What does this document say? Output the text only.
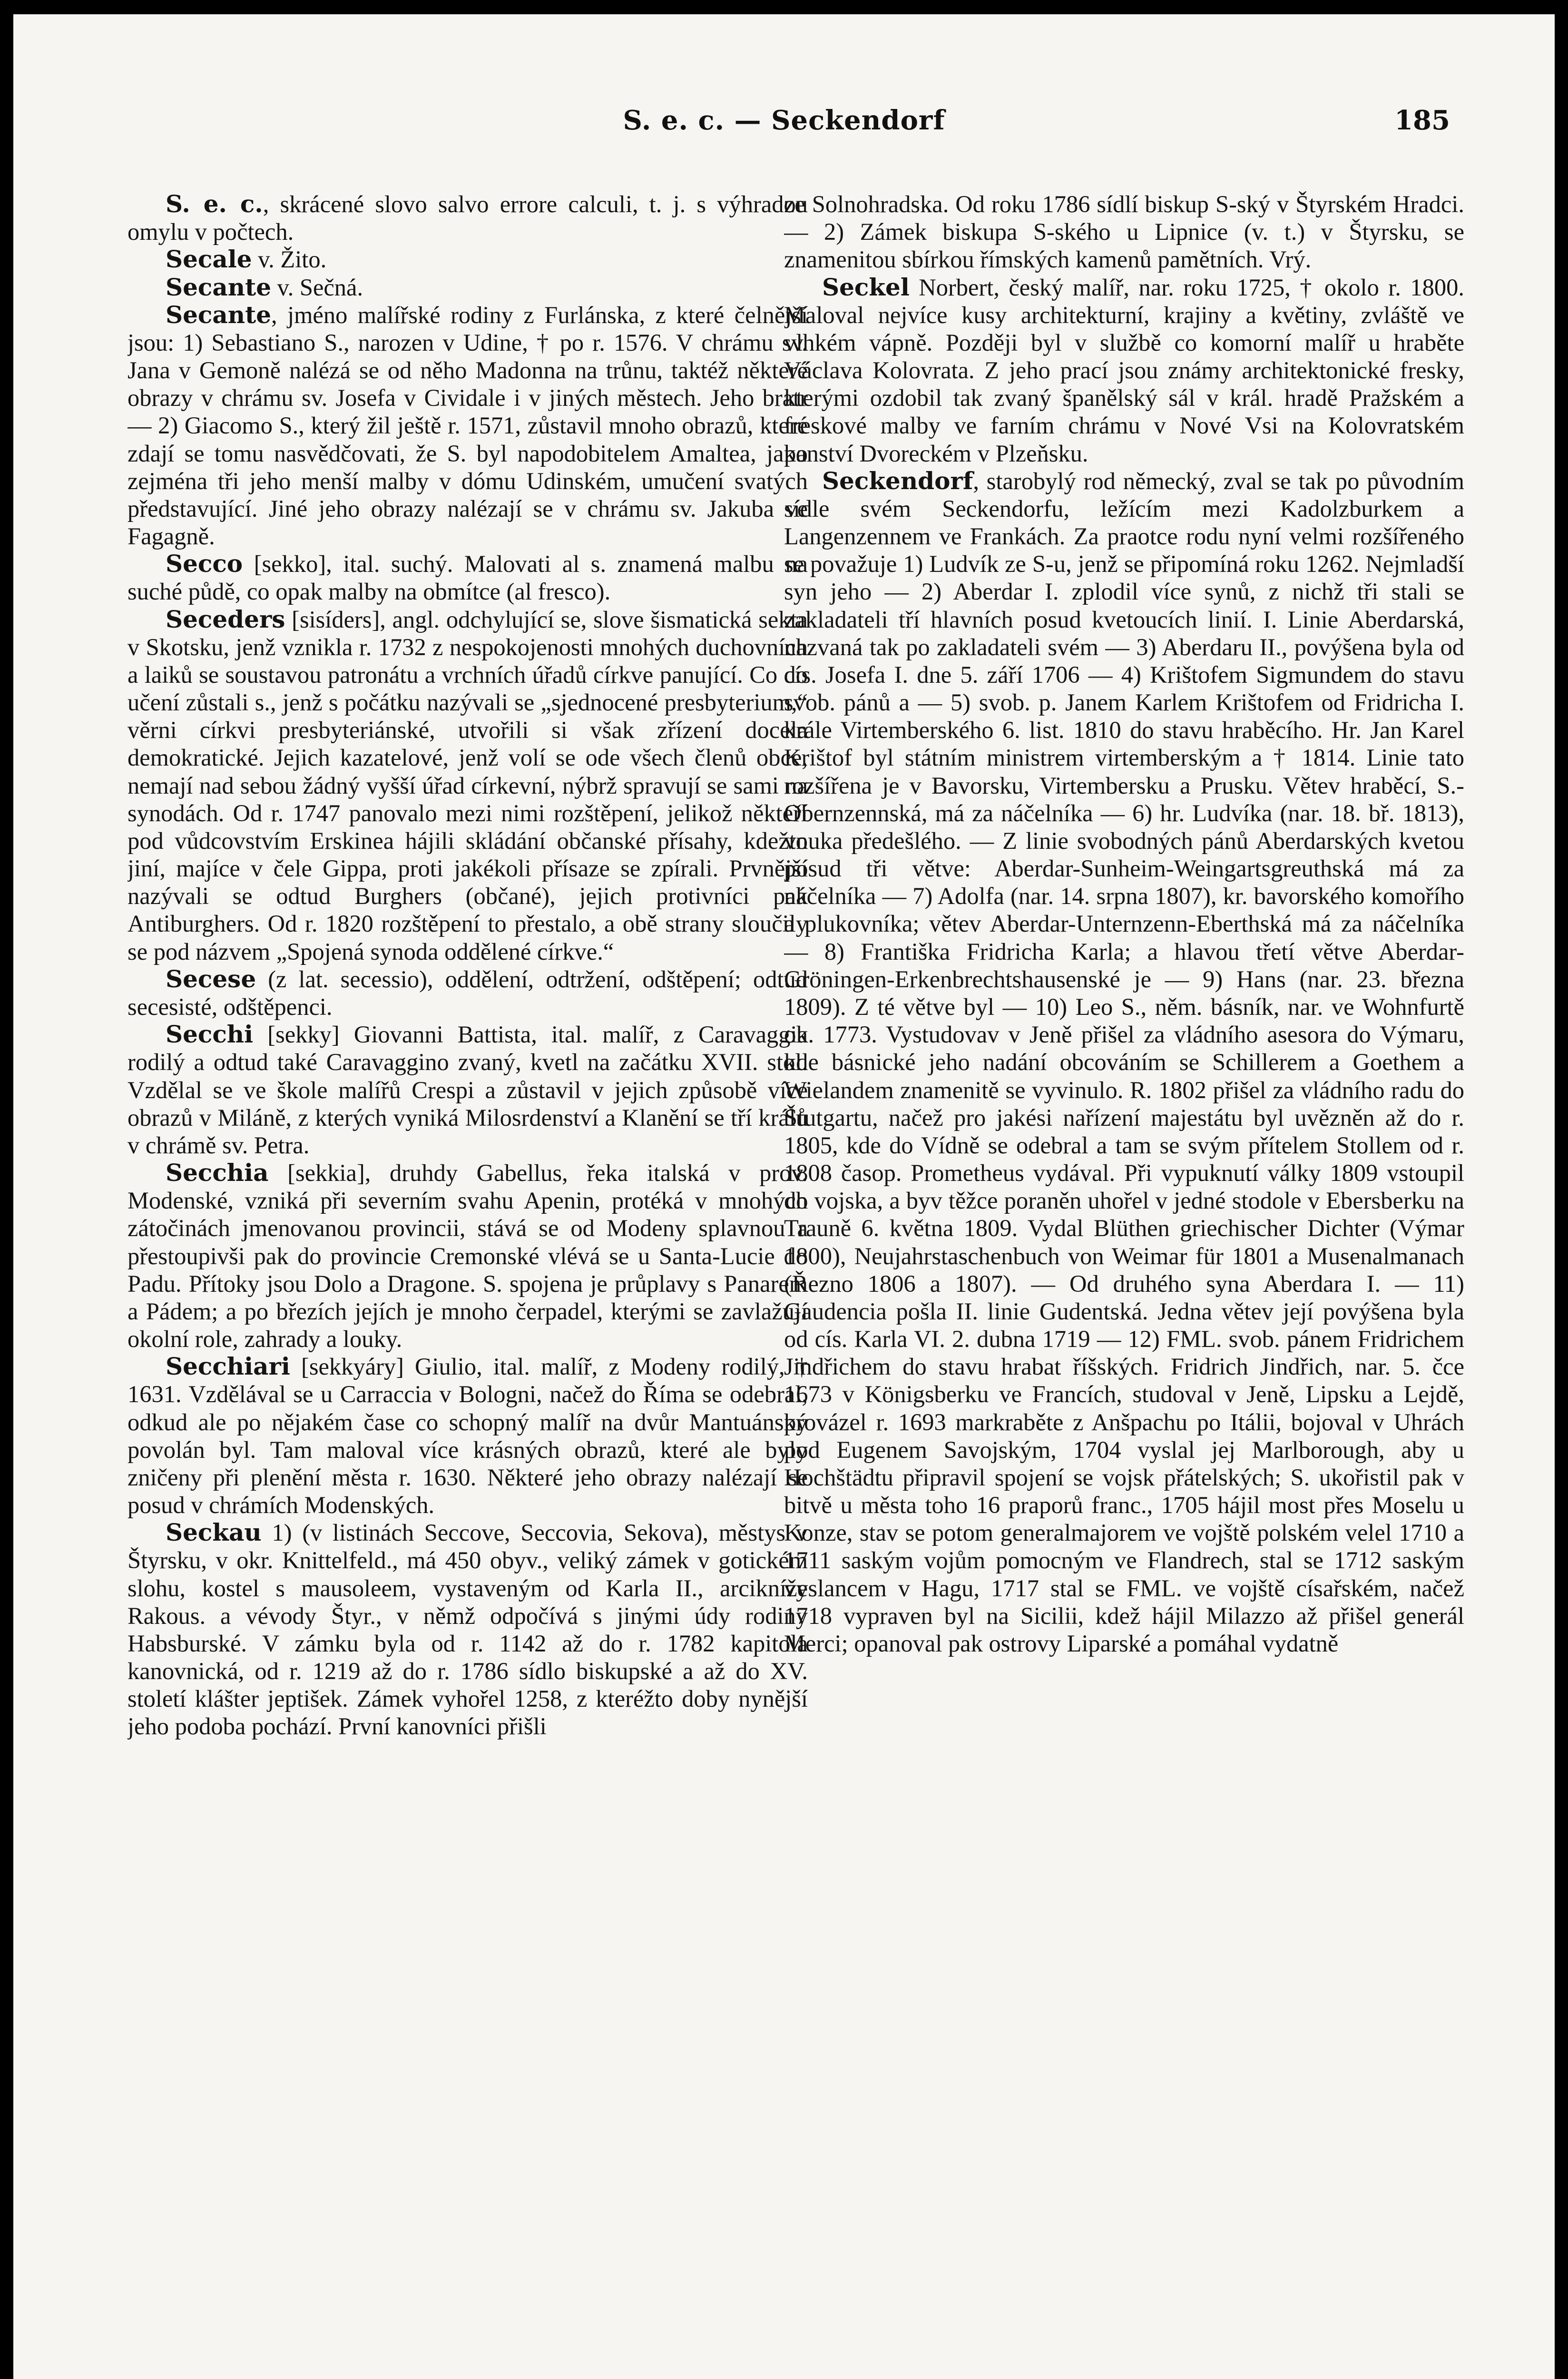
S. e. c. — Seckendorf	185

S. e. c., skrácené slovo salvo errore calculi, t. j. s výhradou omylu v počtech.

Secale v. Žito.

Secante v. Sečná.

Secante, jméno malířské rodiny z Furlánska, z které čelnější jsou: 1) Sebastiano S., narozen v Udine, † po r. 1576. V chrámu sv. Jana v Gemoně nalézá se od něho Madonna na trůnu, taktéž některé obrazy v chrámu sv. Josefa v Cividale i v jiných městech. Jeho bratr — 2) Giacomo S., který žil ještě r. 1571, zůstavil mnoho obrazů, které zdají se tomu nasvědčovati, že S. byl napodobitelem Amaltea, jako zejména tři jeho menší malby v dómu Udinském, umučení svatých představující. Jiné jeho obrazy nalézají se v chrámu sv. Jakuba ve Fagagně.

Secco [sekko], ital. suchý. Malovati al s. znamená malbu na suché půdě, co opak malby na obmítce (al fresco).

Seceders [sisíders], angl. odchylující se, slove šismatická sekta v Skotsku, jenž vznikla r. 1732 z nespokojenosti mnohých duchovních a laiků se soustavou patronátu a vrchních úřadů církve panující. Co do učení zůstali s., jenž s počátku nazývali se „sjednocené presbyterium,“ věrni církvi presbyteriánské, utvořili si však zřízení docela demokratické. Jejich kazatelové, jenž volí se ode všech členů obce, nemají nad sebou žádný vyšší úřad církevní, nýbrž spravují se sami na synodách. Od r. 1747 panovalo mezi nimi rozštěpení, jelikož někteří pod vůdcovstvím Erskinea hájili skládání občanské přísahy, kdežto jiní, majíce v čele Gippa, proti jakékoli přísaze se zpírali. Prvnější nazývali se odtud Burghers (občané), jejich protivníci pak Antiburghers. Od r. 1820 rozštěpení to přestalo, a obě strany sloučily se pod názvem „Spojená synoda oddělené církve.“

Secese (z lat. secessio), oddělení, odtržení, odštěpení; odtud secesisté, odštěpenci.

Secchi [sekky] Giovanni Battista, ital. malíř, z Caravaggia rodilý a odtud také Caravaggino zvaný, kvetl na začátku XVII. stol. Vzdělal se ve škole malířů Crespi a zůstavil v jejich způsobě více obrazů v Miláně, z kterých vyniká Milosrdenství a Klanění se tří králů v chrámě sv. Petra.

Secchia [sekkia], druhdy Gabellus, řeka italská v prov. Modenské, vzniká při severním svahu Apenin, protéká v mnohých zátočinách jmenovanou provincii, stává se od Modeny splavnou a přestoupivši pak do provincie Cremonské vlévá se u Santa-Lucie do Padu. Přítoky jsou Dolo a Dragone. S. spojena je průplavy s Panarem a Pádem; a po březích jejích je mnoho čerpadel, kterými se zavlažují okolní role, zahrady a louky.

Secchiari [sekkyáry] Giulio, ital. malíř, z Modeny rodilý, † 1631. Vzdělával se u Carraccia v Bologni, načež do Říma se odebral, odkud ale po nějakém čase co schopný malíř na dvůr Mantuánský povolán byl. Tam maloval více krásných obrazů, které ale byly zničeny při plenění města r. 1630. Některé jeho obrazy nalézají se posud v chrámích Modenských.

Seckau 1) (v listinách Seccove, Seccovia, Sekova), městys v Štyrsku, v okr. Knittelfeld., má 450 obyv., veliký zámek v gotickém slohu, kostel s mausoleem, vystaveným od Karla II., arcikníže Rakous. a vévody Štyr., v němž odpočívá s jinými údy rodiny Habsburské. V zámku byla od r. 1142 až do r. 1782 kapitola kanovnická, od r. 1219 až do r. 1786 sídlo biskupské a až do XV. století klášter jeptišek. Zámek vyhořel 1258, z kteréžto doby nynější jeho podoba pochází. První kanovníci přišli

ze Solnohradska. Od roku 1786 sídlí biskup S-ský v Štyrském Hradci. — 2) Zámek biskupa S-ského u Lipnice (v. t.) v Štyrsku, se znamenitou sbírkou římských kamenů pamětních. Vrý.

Seckel Norbert, český malíř, nar. roku 1725, † okolo r. 1800. Maloval nejvíce kusy architekturní, krajiny a květiny, zvláště ve vlhkém vápně. Později byl v službě co komorní malíř u hraběte Václava Kolovrata. Z jeho prací jsou známy architektonické fresky, kterými ozdobil tak zvaný španělský sál v král. hradě Pražském a freskové malby ve farním chrámu v Nové Vsi na Kolovratském panství Dvoreckém v Plzeňsku.

Seckendorf, starobylý rod německý, zval se tak po původním sídle svém Seckendorfu, ležícím mezi Kadolzburkem a Langenzennem ve Frankách. Za praotce rodu nyní velmi rozšířeného se považuje 1) Ludvík ze S-u, jenž se připomíná roku 1262. Nejmladší syn jeho — 2) Aberdar I. zplodil více synů, z nichž tři stali se zakladateli tří hlavních posud kvetoucích linií. I. Linie Aberdarská, nazvaná tak po zakladateli svém — 3) Aberdaru II., povýšena byla od cís. Josefa I. dne 5. září 1706 — 4) Krištofem Sigmundem do stavu svob. pánů a — 5) svob. p. Janem Karlem Krištofem od Fridricha I. krále Virtemberského 6. list. 1810 do stavu hraběcího. Hr. Jan Karel Krištof byl státním ministrem virtemberským a † 1814. Linie tato rozšířena je v Bavorsku, Virtembersku a Prusku. Větev hraběcí, S.-Obernzennská, má za náčelníka — 6) hr. Ludvíka (nar. 18. bř. 1813), vnuka předešlého. — Z linie svobodných pánů Aberdarských kvetou posud tři větve: Aberdar-Sunheim-Weingartsgreuthská má za náčelníka — 7) Adolfa (nar. 14. srpna 1807), kr. bavorského komořího a plukovníka; větev Aberdar-Unternzenn-Eberthská má za náčelníka — 8) Františka Fridricha Karla; a hlavou třetí větve Aberdar-Gröningen-Erkenbrechtshausenské je — 9) Hans (nar. 23. března 1809). Z té větve byl — 10) Leo S., něm. básník, nar. ve Wohnfurtě ok. 1773. Vystudovav v Jeně přišel za vládního asesora do Výmaru, kde básnické jeho nadání obcováním se Schillerem a Goethem a Wielandem znamenitě se vyvinulo. R. 1802 přišel za vládního radu do Štutgartu, načež pro jakési nařízení majestátu byl uvězněn až do r. 1805, kde do Vídně se odebral a tam se svým přítelem Stollem od r. 1808 časop. Prometheus vydával. Při vypuknutí války 1809 vstoupil do vojska, a byv těžce poraněn uhořel v jedné stodole v Ebersberku na Trauně 6. května 1809. Vydal Blüthen griechischer Dichter (Výmar 1800), Neujahrstaschenbuch von Weimar für 1801 a Musenalmanach (Řezno 1806 a 1807). — Od druhého syna Aberdara I. — 11) Gaudencia pošla II. linie Gudentská. Jedna větev její povýšena byla od cís. Karla VI. 2. dubna 1719 — 12) FML. svob. pánem Fridrichem Jindřichem do stavu hrabat říšských. Fridrich Jindřich, nar. 5. čce 1673 v Königsberku ve Francích, studoval v Jeně, Lipsku a Lejdě, provázel r. 1693 markraběte z Anšpachu po Itálii, bojoval v Uhrách pod Eugenem Savojským, 1704 vyslal jej Marlborough, aby u Hochštädtu připravil spojení se vojsk přátelských; S. ukořistil pak v bitvě u města toho 16 praporů franc., 1705 hájil most přes Moselu u Konze, stav se potom generalmajorem ve vojště polském velel 1710 a 1711 saským vojům pomocným ve Flandrech, stal se 1712 saským vyslancem v Hagu, 1717 stal se FML. ve vojště císařském, načež 1718 vypraven byl na Sicilii, kdež hájil Milazzo až přišel generál Merci; opanoval pak ostrovy Liparské a pomáhal vydatně
